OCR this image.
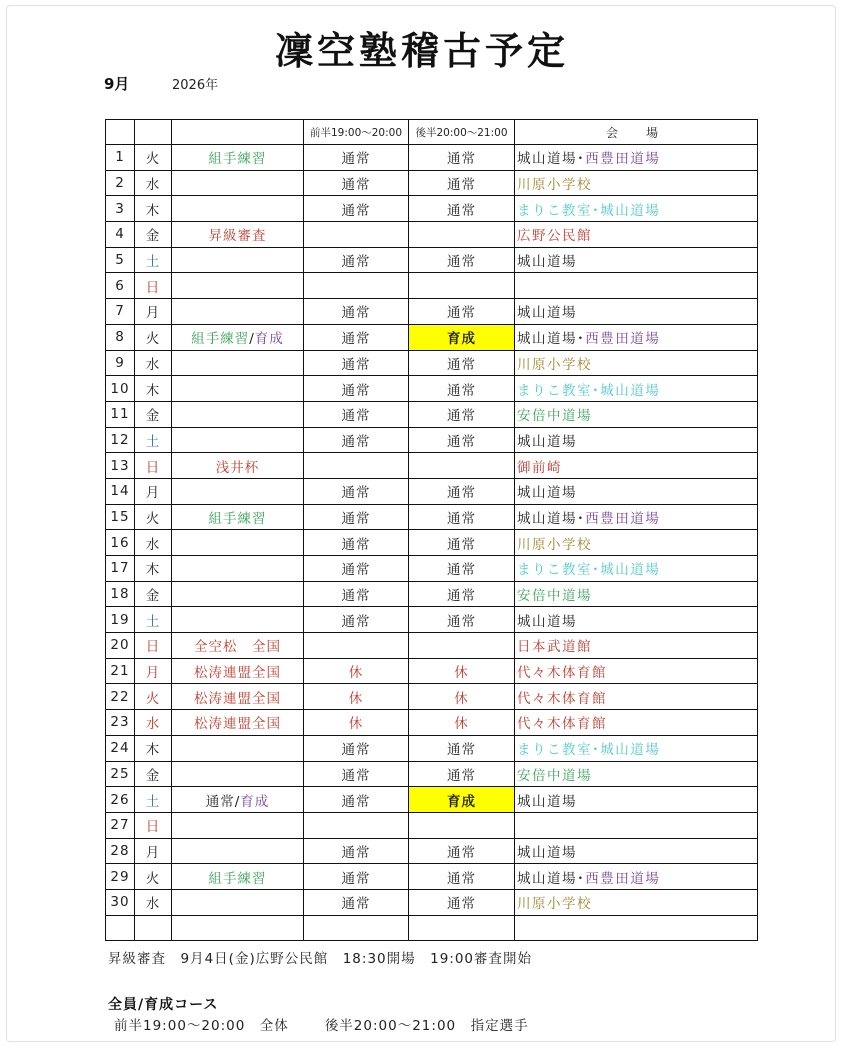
凜空塾稽古予定
9月	2026年
			前半19:00〜20:00	後半20:00〜21:00	会　場
1	火	組手練習	通常	通常	城山道場･西豊田道場
2	水		通常	通常	川原小学校
3	木		通常	通常	まりこ教室･城山道場
4	金	昇級審査			広野公民館
5	土		通常	通常	城山道場
6	日				
7	月		通常	通常	城山道場
8	火	組手練習/育成	通常	育成	城山道場･西豊田道場
9	水		通常	通常	川原小学校
10	木		通常	通常	まりこ教室･城山道場
11	金		通常	通常	安倍中道場
12	土		通常	通常	城山道場
13	日	浅井杯			御前崎
14	月		通常	通常	城山道場
15	火	組手練習	通常	通常	城山道場･西豊田道場
16	水		通常	通常	川原小学校
17	木		通常	通常	まりこ教室･城山道場
18	金		通常	通常	安倍中道場
19	土		通常	通常	城山道場
20	日	全空松　全国			日本武道館
21	月	松涛連盟全国	休	休	代々木体育館
22	火	松涛連盟全国	休	休	代々木体育館
23	水	松涛連盟全国	休	休	代々木体育館
24	木		通常	通常	まりこ教室･城山道場
25	金		通常	通常	安倍中道場
26	土	通常/育成	通常	育成	城山道場
27	日				
28	月		通常	通常	城山道場
29	火	組手練習	通常	通常	城山道場･西豊田道場
30	水		通常	通常	川原小学校

昇級審査　9月4日(金)広野公民館　18:30開場　19:00審査開始
全員/育成コース
前半19:00〜20:00　全体	後半20:00〜21:00　指定選手
